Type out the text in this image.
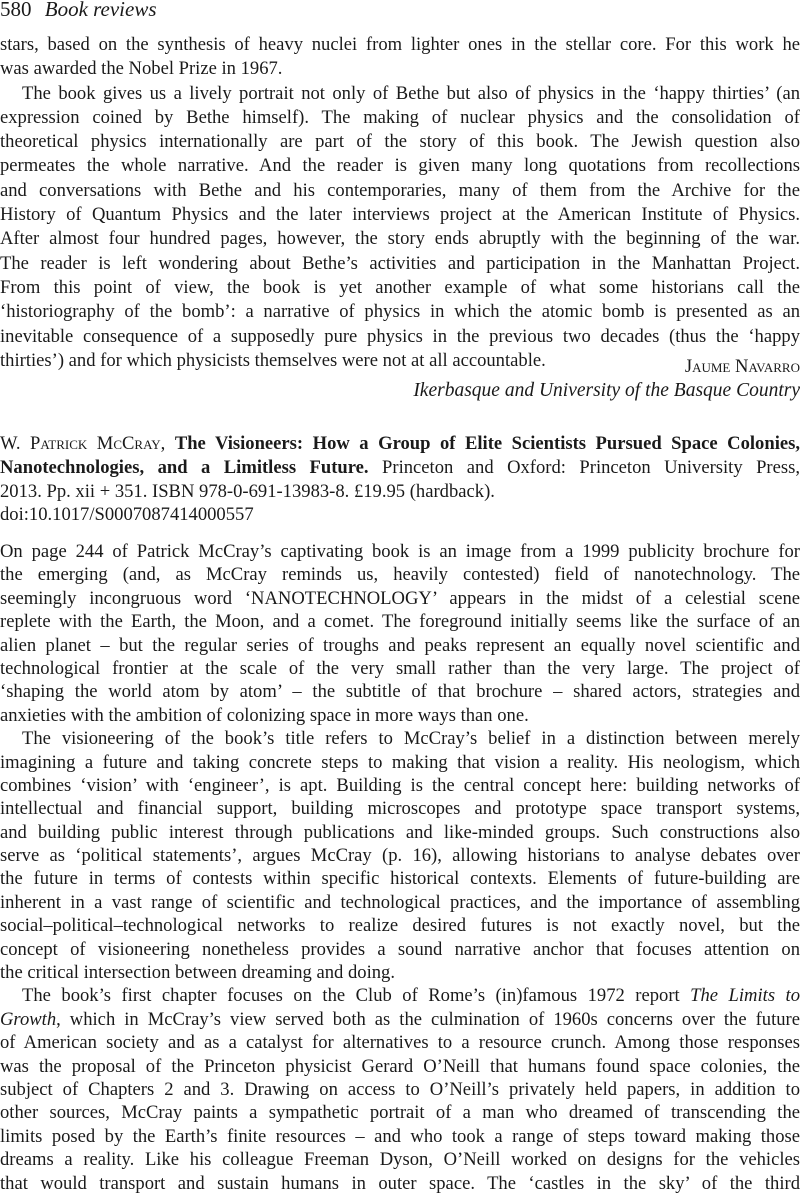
580 Book reviews
stars, based on the synthesis of heavy nuclei from lighter ones in the stellar core. For this work he
was awarded the Nobel Prize in 1967.
The book gives us a lively portrait not only of Bethe but also of physics in the ‘happy thirties’ (an
expression coined by Bethe himself). The making of nuclear physics and the consolidation of
theoretical physics internationally are part of the story of this book. The Jewish question also
permeates the whole narrative. And the reader is given many long quotations from recollections
and conversations with Bethe and his contemporaries, many of them from the Archive for the
History of Quantum Physics and the later interviews project at the American Institute of Physics.
After almost four hundred pages, however, the story ends abruptly with the beginning of the war.
The reader is left wondering about Bethe’s activities and participation in the Manhattan Project.
From this point of view, the book is yet another example of what some historians call the
‘historiography of the bomb’: a narrative of physics in which the atomic bomb is presented as an
inevitable consequence of a supposedly pure physics in the previous two decades (thus the ‘happy
thirties’) and for which physicists themselves were not at all accountable.	Jaume Navarro
Ikerbasque and University of the Basque Country
W. Patrick McCray, The Visioneers: How a Group of Elite Scientists Pursued Space Colonies,
Nanotechnologies, and a Limitless Future. Princeton and Oxford: Princeton University Press,
2013. Pp. xii + 351. ISBN 978-0-691-13983-8. £19.95 (hardback).
doi:10.1017/S0007087414000557
On page 244 of Patrick McCray’s captivating book is an image from a 1999 publicity brochure for
the emerging (and, as McCray reminds us, heavily contested) field of nanotechnology. The
seemingly incongruous word ‘NANOTECHNOLOGY’ appears in the midst of a celestial scene
replete with the Earth, the Moon, and a comet. The foreground initially seems like the surface of an
alien planet – but the regular series of troughs and peaks represent an equally novel scientific and
technological frontier at the scale of the very small rather than the very large. The project of
‘shaping the world atom by atom’ – the subtitle of that brochure – shared actors, strategies and
anxieties with the ambition of colonizing space in more ways than one.
The visioneering of the book’s title refers to McCray’s belief in a distinction between merely
imagining a future and taking concrete steps to making that vision a reality. His neologism, which
combines ‘vision’ with ‘engineer’, is apt. Building is the central concept here: building networks of
intellectual and financial support, building microscopes and prototype space transport systems,
and building public interest through publications and like-minded groups. Such constructions also
serve as ‘political statements’, argues McCray (p. 16), allowing historians to analyse debates over
the future in terms of contests within specific historical contexts. Elements of future-building are
inherent in a vast range of scientific and technological practices, and the importance of assembling
social–political–technological networks to realize desired futures is not exactly novel, but the
concept of visioneering nonetheless provides a sound narrative anchor that focuses attention on
the critical intersection between dreaming and doing.
The book’s first chapter focuses on the Club of Rome’s (in)famous 1972 report The Limits to
Growth, which in McCray’s view served both as the culmination of 1960s concerns over the future
of American society and as a catalyst for alternatives to a resource crunch. Among those responses
was the proposal of the Princeton physicist Gerard O’Neill that humans found space colonies, the
subject of Chapters 2 and 3. Drawing on access to O’Neill’s privately held papers, in addition to
other sources, McCray paints a sympathetic portrait of a man who dreamed of transcending the
limits posed by the Earth’s finite resources – and who took a range of steps toward making those
dreams a reality. Like his colleague Freeman Dyson, O’Neill worked on designs for the vehicles
that would transport and sustain humans in outer space. The ‘castles in the sky’ of the third
